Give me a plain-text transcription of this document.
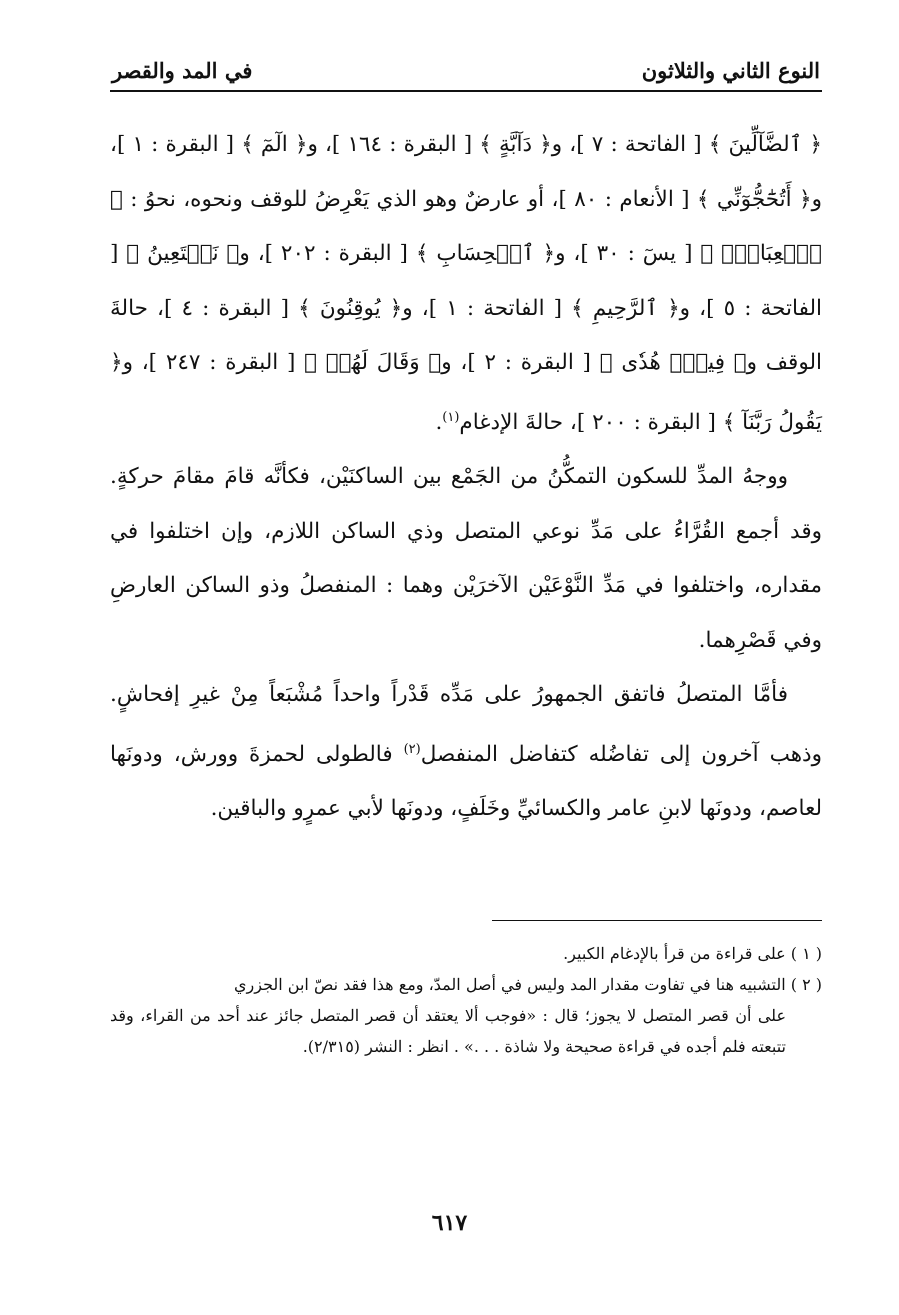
النوع الثاني والثلاثون
في المد والقصر

﴿ ٱلضَّآلِّينَ ﴾ [ الفاتحة : ٧ ]، و﴿ دَآبَّةٍ ﴾ [ البقرة : ١٦٤ ]، و﴿ الٓمٓ ﴾ [ البقرة : ١ ]، و﴿ أَتُحَٰٓجُّوٓنِّي ﴾ [ الأنعام : ٨٠ ]، أو عارضٌ وهو الذي يَعْرِضُ للوقف ونحوه، نحوُ : ﴿ ٱلۡعِبَادِۚ ﴾ [ يسٓ : ٣٠ ]، و﴿ ٱلۡحِسَابِ ﴾ [ البقرة : ٢٠٢ ]، و﴿ نَسۡتَعِينُ ﴾ [ الفاتحة : ٥ ]، و﴿ ٱلرَّحِيمِ ﴾ [ الفاتحة : ١ ]، و﴿ يُوقِنُونَ ﴾ [ البقرة : ٤ ]، حالةَ الوقف و﴿ فِيهِۛ هُدٗى ﴾ [ البقرة : ٢ ]، و﴿ وَقَالَ لَهُمۡ ﴾ [ البقرة : ٢٤٧ ]، و﴿ يَقُولُ رَبَّنَآ ﴾ [ البقرة : ٢٠٠ ]، حالةَ الإدغام$^{(١)}$.

ووجهُ المدِّ للسكون التمكُّنُ من الجَمْع بين الساكنَيْن، فكأنَّه قامَ مقامَ حركةٍ. وقد أجمع القُرَّاءُ على مَدِّ نوعي المتصل وذي الساكن اللازم، وإن اختلفوا في مقداره، واختلفوا في مَدِّ النَّوْعَيْن الآخرَيْن وهما : المنفصلُ وذو الساكن العارضِ وفي قَصْرِهما.

فأمَّا المتصلُ فاتفق الجمهورُ على مَدِّه قَدْراً واحداً مُشْبَعاً مِنْ غيرِ إفحاشٍ. وذهب آخرون إلى تفاضُله كتفاضل المنفصل$^{(٢)}$ فالطولى لحمزةَ وورش، ودونَها لعاصم، ودونَها لابنِ عامر والكسائيِّ وخَلَفٍ، ودونَها لأبي عمرٍو والباقين.

( ١ ) على قراءة من قرأ بالإدغام الكبير.

( ٢ ) التشبيه هنا في تفاوت مقدار المد وليس في أصل المدّ، ومع هذا فقد نصّ ابن الجزري

على أن قصر المتصل لا يجوز؛ قال : «فوجب ألا يعتقد أن قصر المتصل جائز عند أحد من القراء، وقد تتبعته فلم أجده في قراءة صحيحة ولا شاذة . . .» . انظر : النشر (٢/٣١٥).

٦١٧
